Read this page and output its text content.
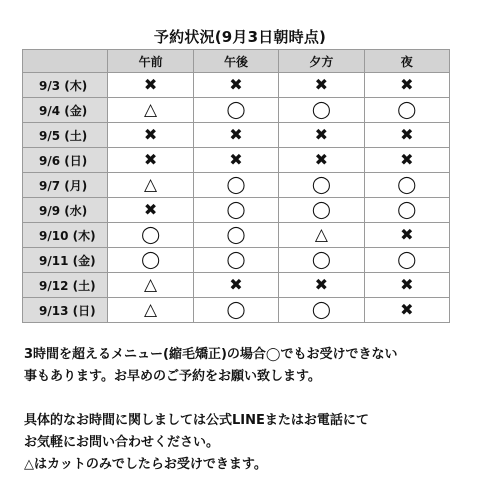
予約状況(9月3日朝時点)
	午前	午後	夕方	夜
9/3 (木)	✖	✖	✖	✖
9/4 (金)	△	◯	◯	◯
9/5 (土)	✖	✖	✖	✖
9/6 (日)	✖	✖	✖	✖
9/7 (月)	△	◯	◯	◯
9/9 (水)	✖	◯	◯	◯
9/10 (木)	◯	◯	△	✖
9/11 (金)	◯	◯	◯	◯
9/12 (土)	△	✖	✖	✖
9/13 (日)	△	◯	◯	✖

3時間を超えるメニュー(縮毛矯正)の場合◯でもお受けできない

事もあります。お早めのご予約をお願い致します。

具体的なお時間に関しましては公式LINEまたはお電話にて

お気軽にお問い合わせください。

△はカットのみでしたらお受けできます。
